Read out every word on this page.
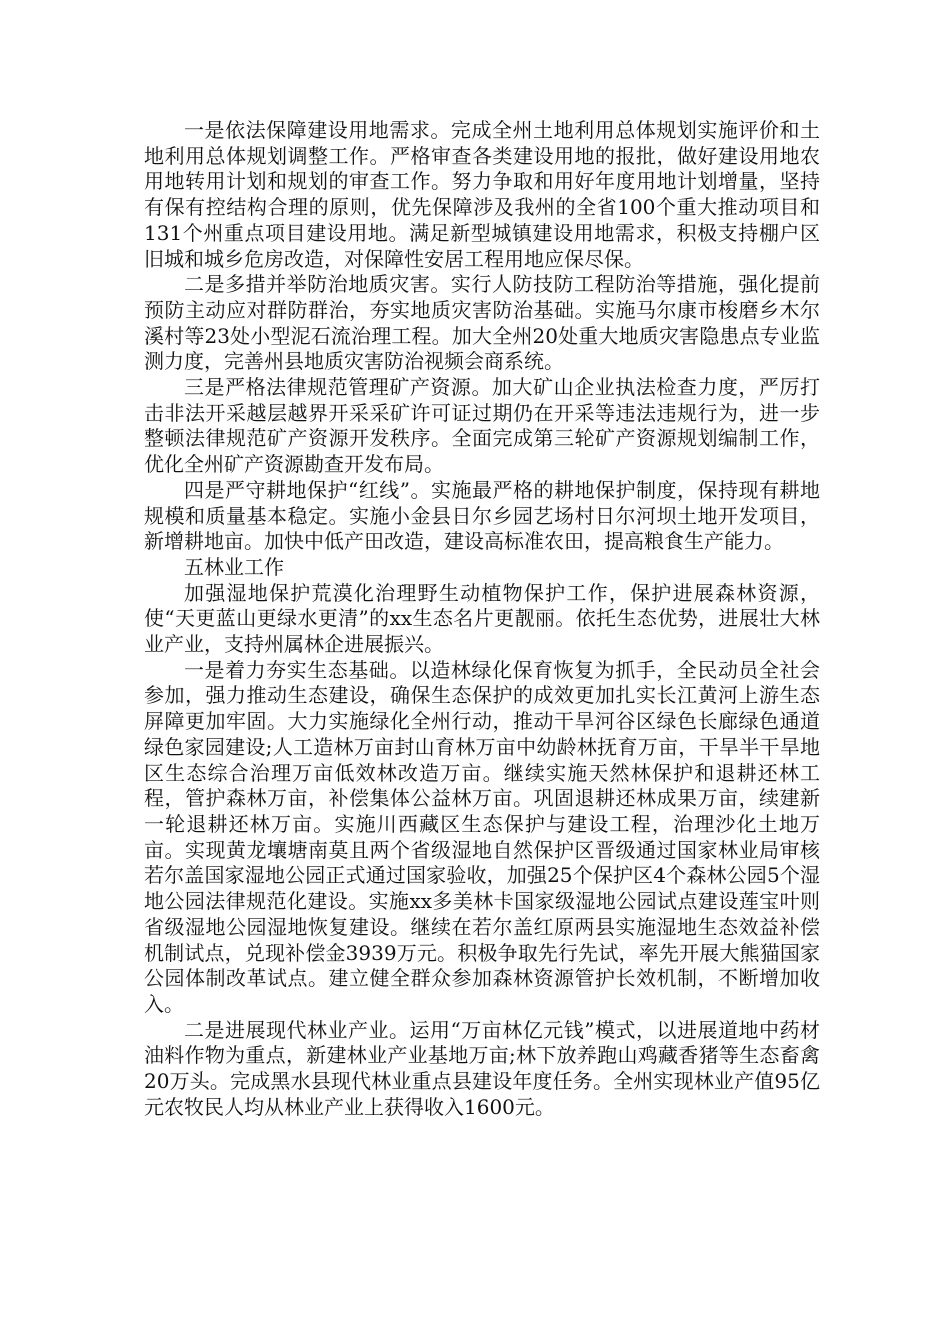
一是依法保障建设用地需求。完成全州土地利用总体规划实施评价和土地利用总体规划调整工作。严格审查各类建设用地的报批，做好建设用地农用地转用计划和规划的审查工作。努力争取和用好年度用地计划增量，坚持有保有控结构合理的原则，优先保障涉及我州的全省100个重大推动项目和131个州重点项目建设用地。满足新型城镇建设用地需求，积极支持棚户区旧城和城乡危房改造，对保障性安居工程用地应保尽保。

二是多措并举防治地质灾害。实行人防技防工程防治等措施，强化提前预防主动应对群防群治，夯实地质灾害防治基础。实施马尔康市梭磨乡木尔溪村等23处小型泥石流治理工程。加大全州20处重大地质灾害隐患点专业监测力度，完善州县地质灾害防治视频会商系统。

三是严格法律规范管理矿产资源。加大矿山企业执法检查力度，严厉打击非法开采越层越界开采采矿许可证过期仍在开采等违法违规行为，进一步整顿法律规范矿产资源开发秩序。全面完成第三轮矿产资源规划编制工作，优化全州矿产资源勘查开发布局。

四是严守耕地保护“红线”。实施最严格的耕地保护制度，保持现有耕地规模和质量基本稳定。实施小金县日尔乡园艺场村日尔河坝土地开发项目，新增耕地亩。加快中低产田改造，建设高标准农田，提高粮食生产能力。

五林业工作

加强湿地保护荒漠化治理野生动植物保护工作，保护进展森林资源，使“天更蓝山更绿水更清”的xx生态名片更靓丽。依托生态优势，进展壮大林业产业，支持州属林企进展振兴。

一是着力夯实生态基础。以造林绿化保育恢复为抓手，全民动员全社会参加，强力推动生态建设，确保生态保护的成效更加扎实长江黄河上游生态屏障更加牢固。大力实施绿化全州行动，推动干旱河谷区绿色长廊绿色通道绿色家园建设;人工造林万亩封山育林万亩中幼龄林抚育万亩，干旱半干旱地区生态综合治理万亩低效林改造万亩。继续实施天然林保护和退耕还林工程，管护森林万亩，补偿集体公益林万亩。巩固退耕还林成果万亩，续建新一轮退耕还林万亩。实施川西藏区生态保护与建设工程，治理沙化土地万亩。实现黄龙壤塘南莫且两个省级湿地自然保护区晋级通过国家林业局审核若尔盖国家湿地公园正式通过国家验收，加强25个保护区4个森林公园5个湿地公园法律规范化建设。实施xx多美林卡国家级湿地公园试点建设莲宝叶则省级湿地公园湿地恢复建设。继续在若尔盖红原两县实施湿地生态效益补偿机制试点，兑现补偿金3939万元。积极争取先行先试，率先开展大熊猫国家公园体制改革试点。建立健全群众参加森林资源管护长效机制，不断增加收入。

二是进展现代林业产业。运用“万亩林亿元钱”模式，以进展道地中药材油料作物为重点，新建林业产业基地万亩;林下放养跑山鸡藏香猪等生态畜禽20万头。完成黑水县现代林业重点县建设年度任务。全州实现林业产值95亿元农牧民人均从林业产业上获得收入1600元。
